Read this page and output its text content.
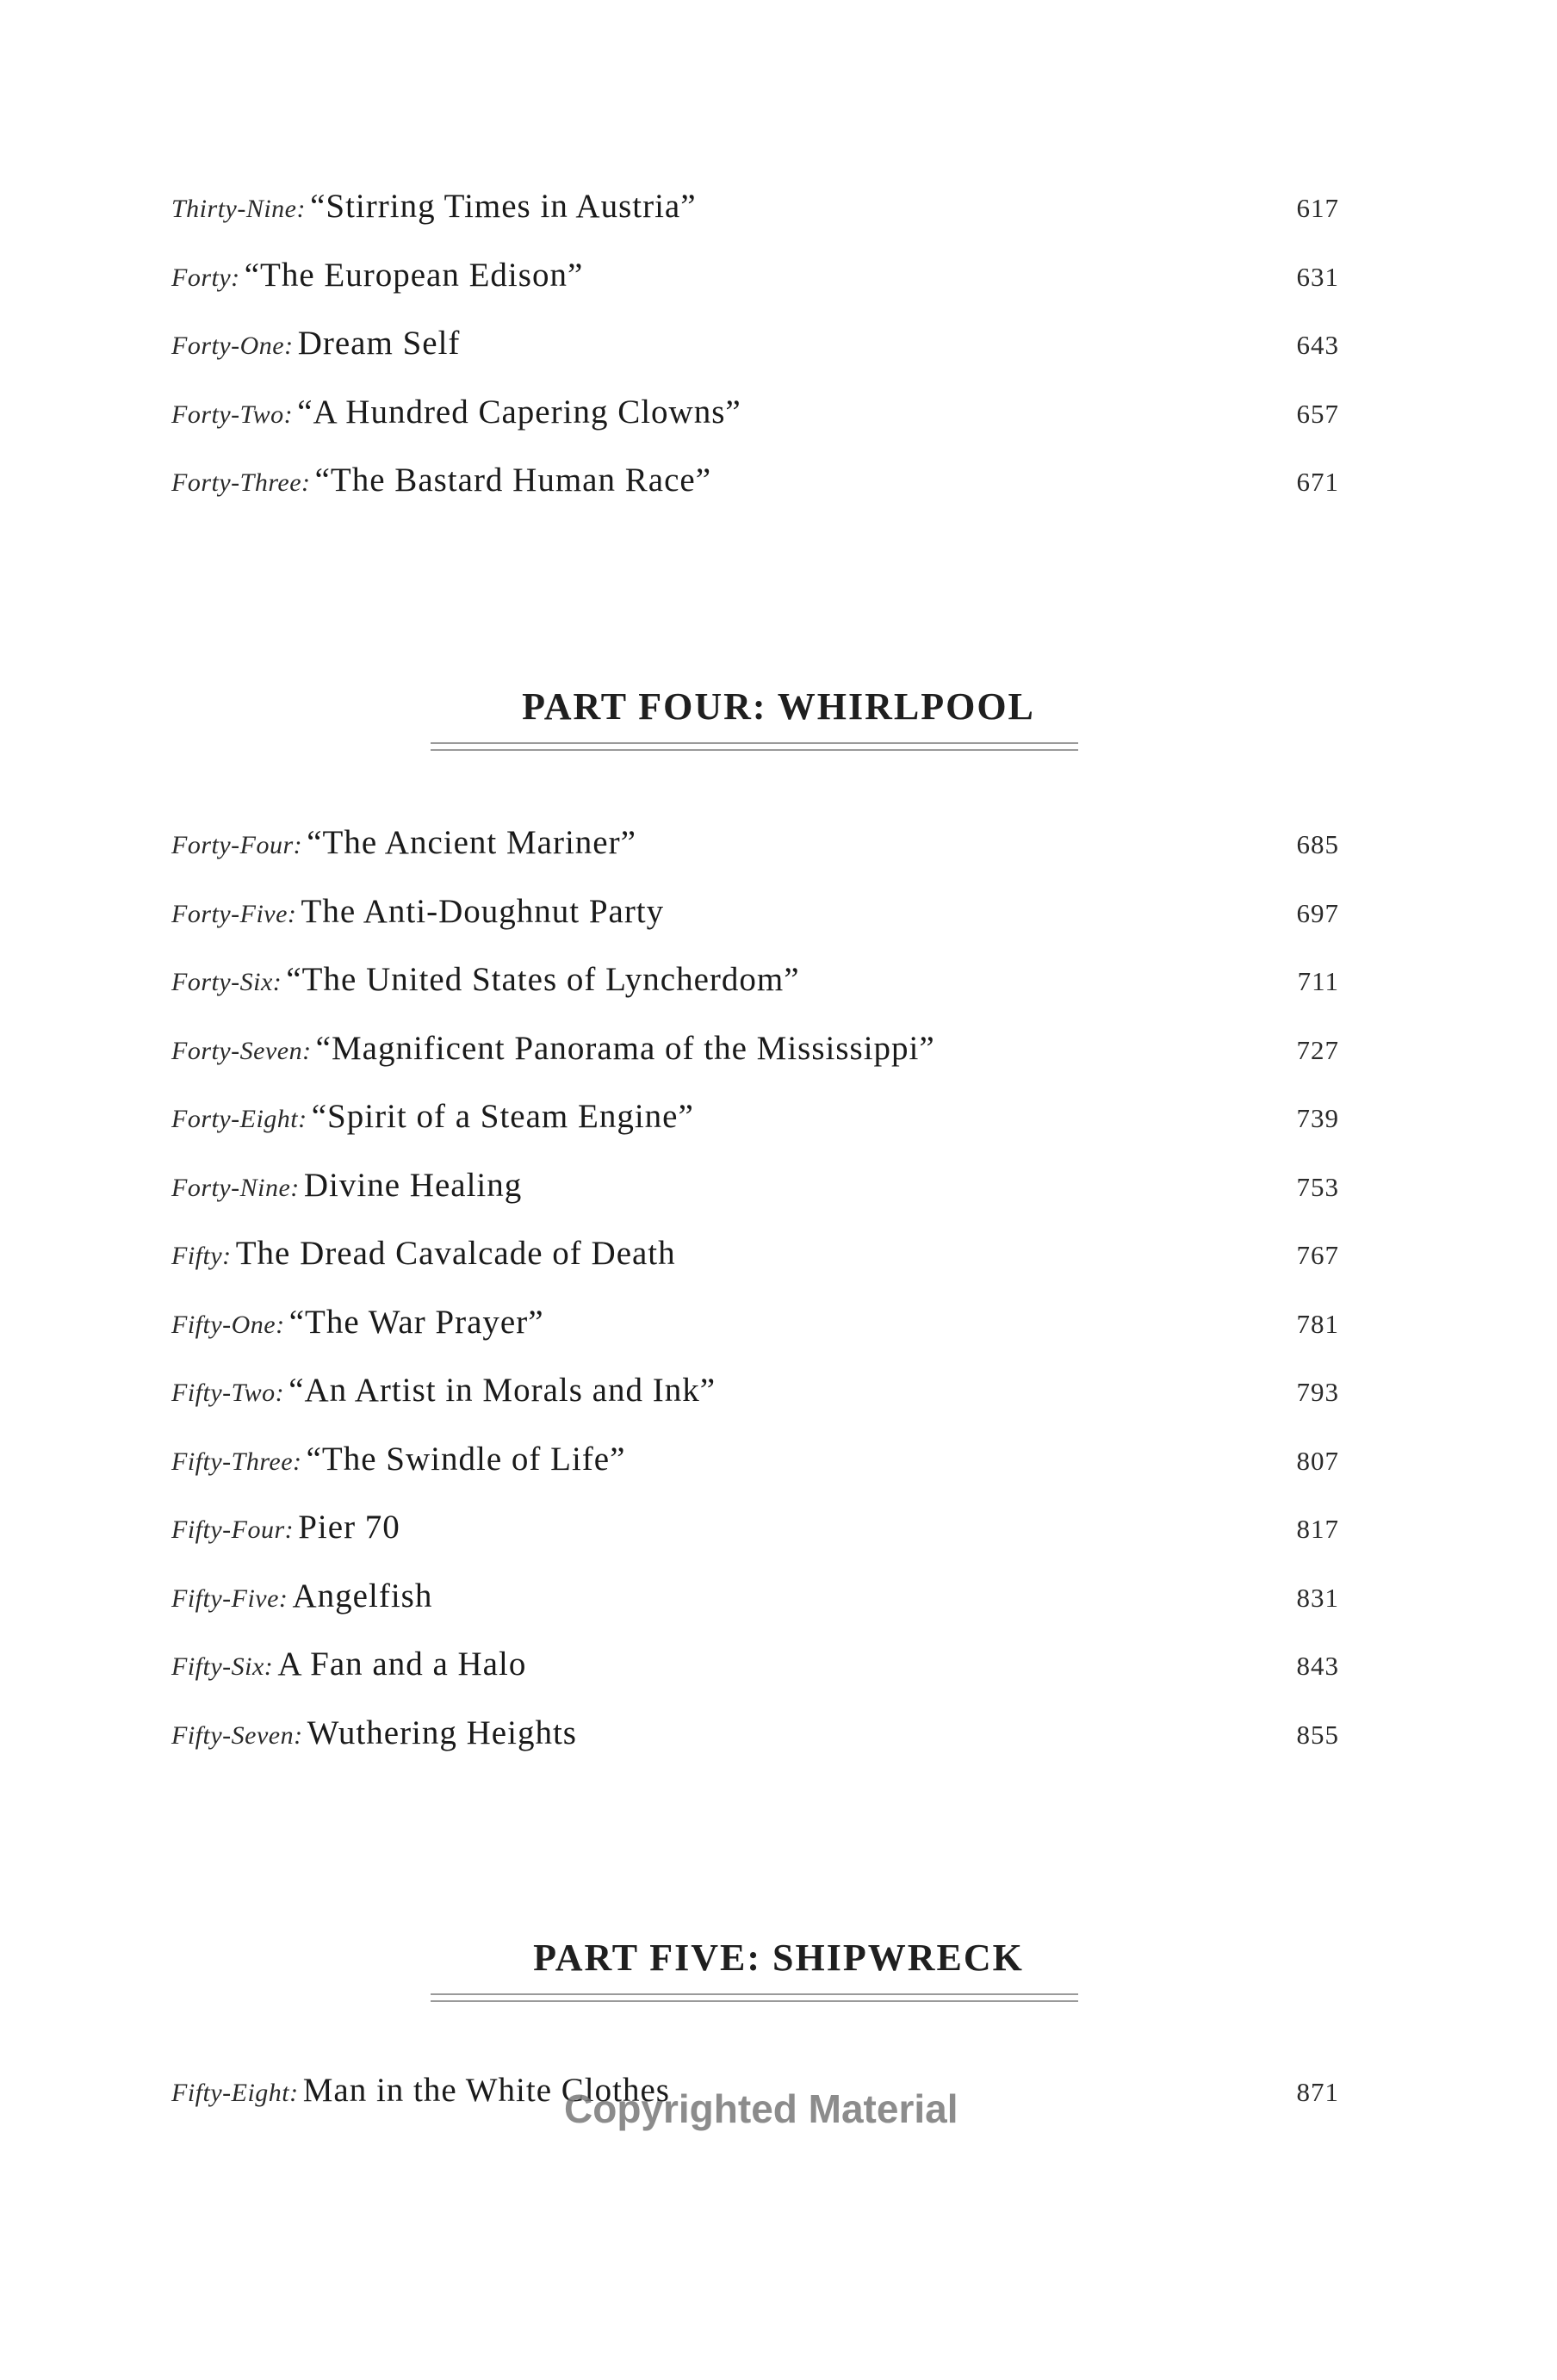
Thirty-Nine: “Stirring Times in Austria”	617
Forty: “The European Edison”	631
Forty-One: Dream Self	643
Forty-Two: “A Hundred Capering Clowns”	657
Forty-Three: “The Bastard Human Race”	671
PART FOUR: WHIRLPOOL
Forty-Four: “The Ancient Mariner”	685
Forty-Five: The Anti-Doughnut Party	697
Forty-Six: “The United States of Lyncherdom”	711
Forty-Seven: “Magnificent Panorama of the Mississippi”	727
Forty-Eight: “Spirit of a Steam Engine”	739
Forty-Nine: Divine Healing	753
Fifty: The Dread Cavalcade of Death	767
Fifty-One: “The War Prayer”	781
Fifty-Two: “An Artist in Morals and Ink”	793
Fifty-Three: “The Swindle of Life”	807
Fifty-Four: Pier 70	817
Fifty-Five: Angelfish	831
Fifty-Six: A Fan and a Halo	843
Fifty-Seven: Wuthering Heights	855
PART FIVE: SHIPWRECK
Fifty-Eight: Man in the White Clothes	871
Copyrighted Material
